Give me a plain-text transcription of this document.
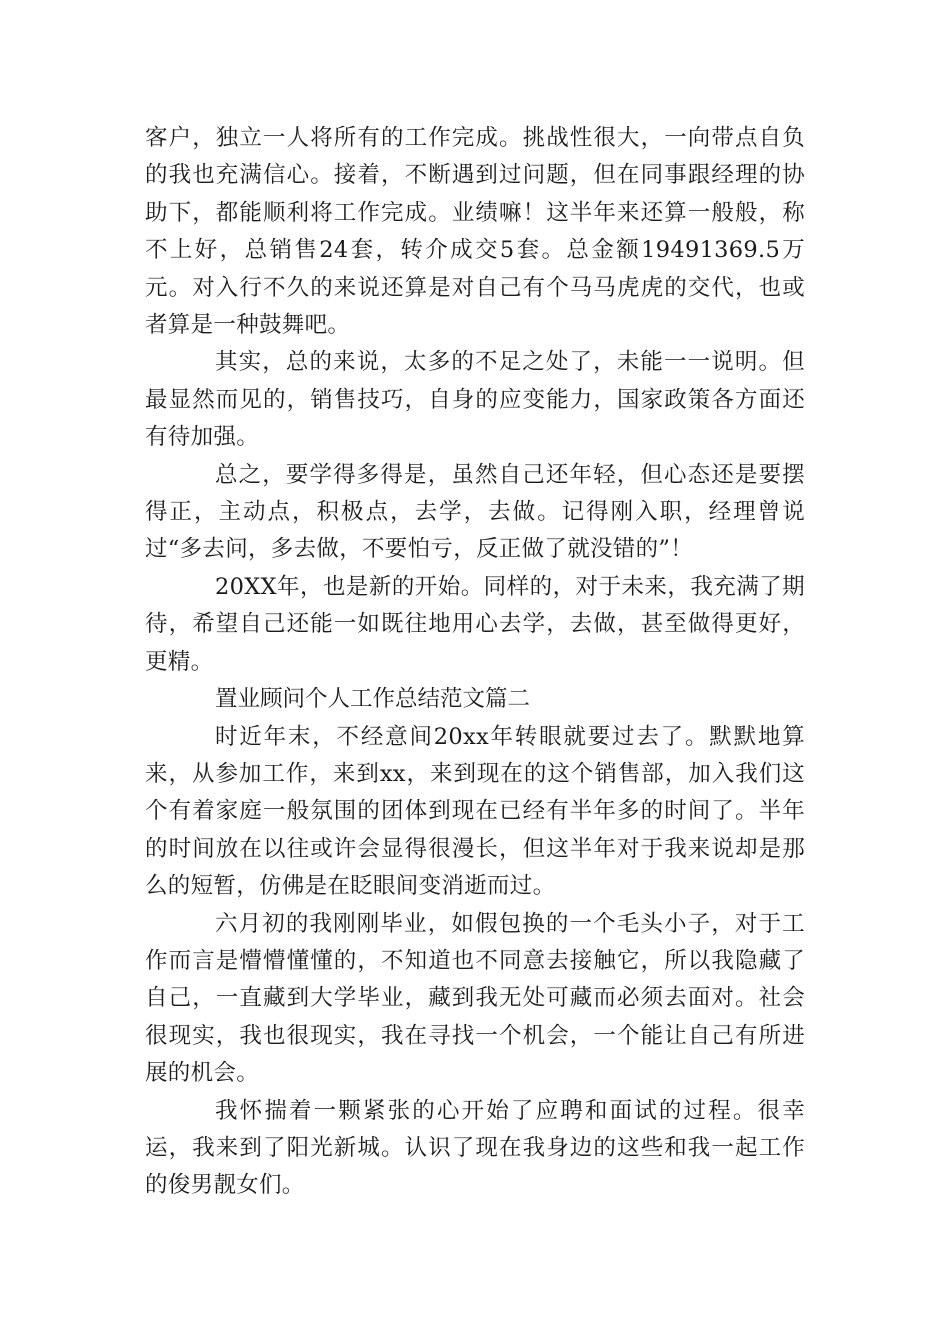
客户，独立一人将所有的工作完成。挑战性很大，一向带点自负的我也充满信心。接着，不断遇到过问题，但在同事跟经理的协助下，都能顺利将工作完成。业绩嘛！这半年来还算一般般，称不上好，总销售24套，转介成交5套。总金额19491369.5万元。对入行不久的来说还算是对自己有个马马虎虎的交代，也或者算是一种鼓舞吧。

其实，总的来说，太多的不足之处了，未能一一说明。但最显然而见的，销售技巧，自身的应变能力，国家政策各方面还有待加强。

总之，要学得多得是，虽然自己还年轻，但心态还是要摆得正，主动点，积极点，去学，去做。记得刚入职，经理曾说过“多去问，多去做，不要怕亏，反正做了就没错的”！

20XX年，也是新的开始。同样的，对于未来，我充满了期待，希望自己还能一如既往地用心去学，去做，甚至做得更好，更精。

置业顾问个人工作总结范文篇二

时近年末，不经意间20xx年转眼就要过去了。默默地算来，从参加工作，来到xx，来到现在的这个销售部，加入我们这个有着家庭一般氛围的团体到现在已经有半年多的时间了。半年的时间放在以往或许会显得很漫长，但这半年对于我来说却是那么的短暂，仿佛是在眨眼间变消逝而过。

六月初的我刚刚毕业，如假包换的一个毛头小子，对于工作而言是懵懵懂懂的，不知道也不同意去接触它，所以我隐藏了自己，一直藏到大学毕业，藏到我无处可藏而必须去面对。社会很现实，我也很现实，我在寻找一个机会，一个能让自己有所进展的机会。

我怀揣着一颗紧张的心开始了应聘和面试的过程。很幸运，我来到了阳光新城。认识了现在我身边的这些和我一起工作的俊男靓女们。
